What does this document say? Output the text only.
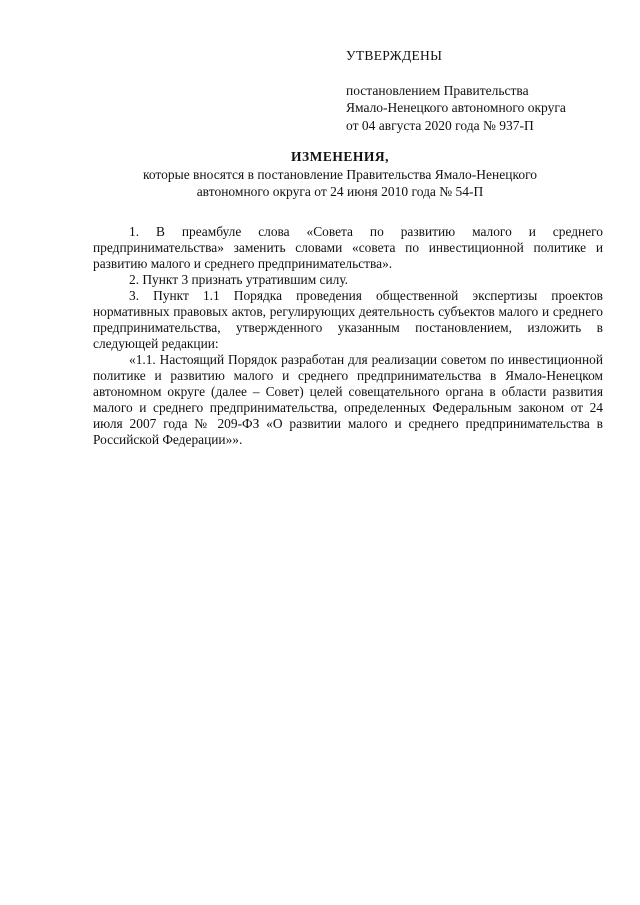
УТВЕРЖДЕНЫ

постановлением Правительства

Ямало-Ненецкого автономного округа

от 04 августа 2020 года № 937-П

ИЗМЕНЕНИЯ,

которые вносятся в постановление Правительства Ямало-Ненецкого

автономного округа от 24 июня 2010 года № 54-П

1. В преамбуле слова «Совета по развитию малого и среднего предпринимательства» заменить словами «совета по инвестиционной политике и развитию малого и среднего предпринимательства».

2. Пункт 3 признать утратившим силу.

3. Пункт 1.1 Порядка проведения общественной экспертизы проектов нормативных правовых актов, регулирующих деятельность субъектов малого и среднего предпринимательства, утвержденного указанным постановлением, изложить в следующей редакции:

«1.1. Настоящий Порядок разработан для реализации советом по инвестиционной политике и развитию малого и среднего предпринимательства в Ямало-Ненецком автономном округе (далее – Совет) целей совещательного органа в области развития малого и среднего предпринимательства, определенных Федеральным законом от 24 июля 2007 года № 209-ФЗ «О развитии малого и среднего предпринимательства в Российской Федерации»».
